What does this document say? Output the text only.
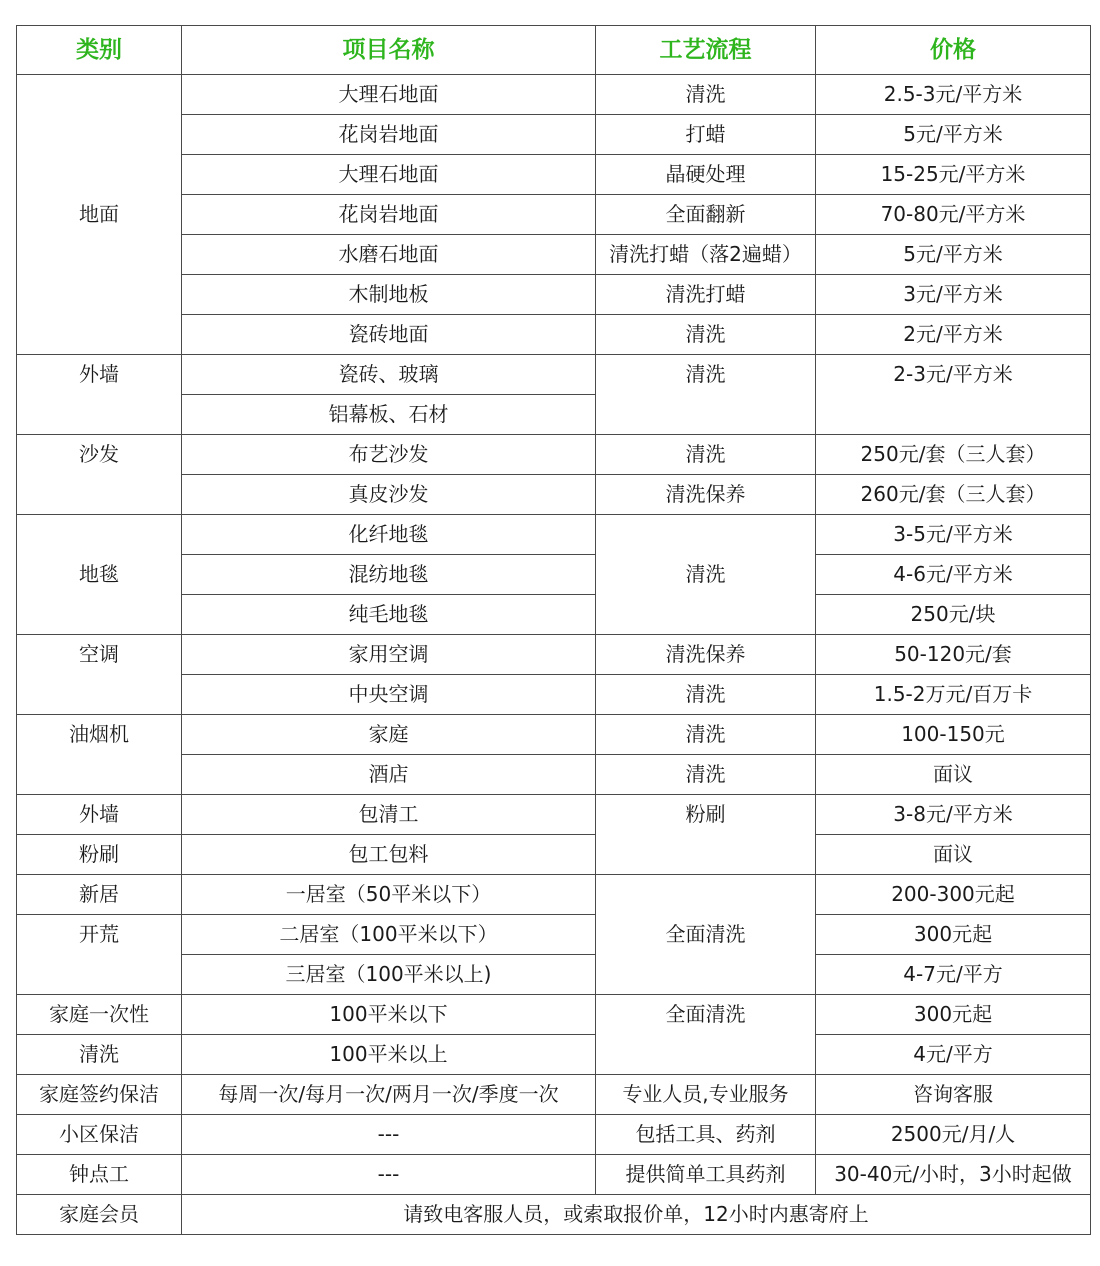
类别	项目名称	工艺流程	价格
地面	大理石地面	清洗	2.5-3元/平方米
	花岗岩地面	打蜡	5元/平方米
	大理石地面	晶硬处理	15-25元/平方米
	花岗岩地面	全面翻新	70-80元/平方米
	水磨石地面	清洗打蜡（落2遍蜡）	5元/平方米
	木制地板	清洗打蜡	3元/平方米
	瓷砖地面	清洗	2元/平方米
外墙	瓷砖、玻璃	清洗	2-3元/平方米
	铝幕板、石材		
沙发	布艺沙发	清洗	250元/套（三人套）
	真皮沙发	清洗保养	260元/套（三人套）
地毯	化纤地毯	清洗	3-5元/平方米
	混纺地毯		4-6元/平方米
	纯毛地毯		250元/块
空调	家用空调	清洗保养	50-120元/套
	中央空调	清洗	1.5-2万元/百万卡
油烟机	家庭	清洗	100-150元
	酒店	清洗	面议
外墙	包清工	粉刷	3-8元/平方米
粉刷	包工包料		面议
新居	一居室（50平米以下）	全面清洗	200-300元起
开荒	二居室（100平米以下）		300元起
	三居室（100平米以上)		4-7元/平方
家庭一次性	100平米以下	全面清洗	300元起
清洗	100平米以上		4元/平方
家庭签约保洁	每周一次/每月一次/两月一次/季度一次	专业人员,专业服务	咨询客服
小区保洁	---	包括工具、药剂	2500元/月/人
钟点工	---	提供简单工具药剂	30-40元/小时，3小时起做
家庭会员	请致电客服人员，或索取报价单，12小时内惠寄府上		
